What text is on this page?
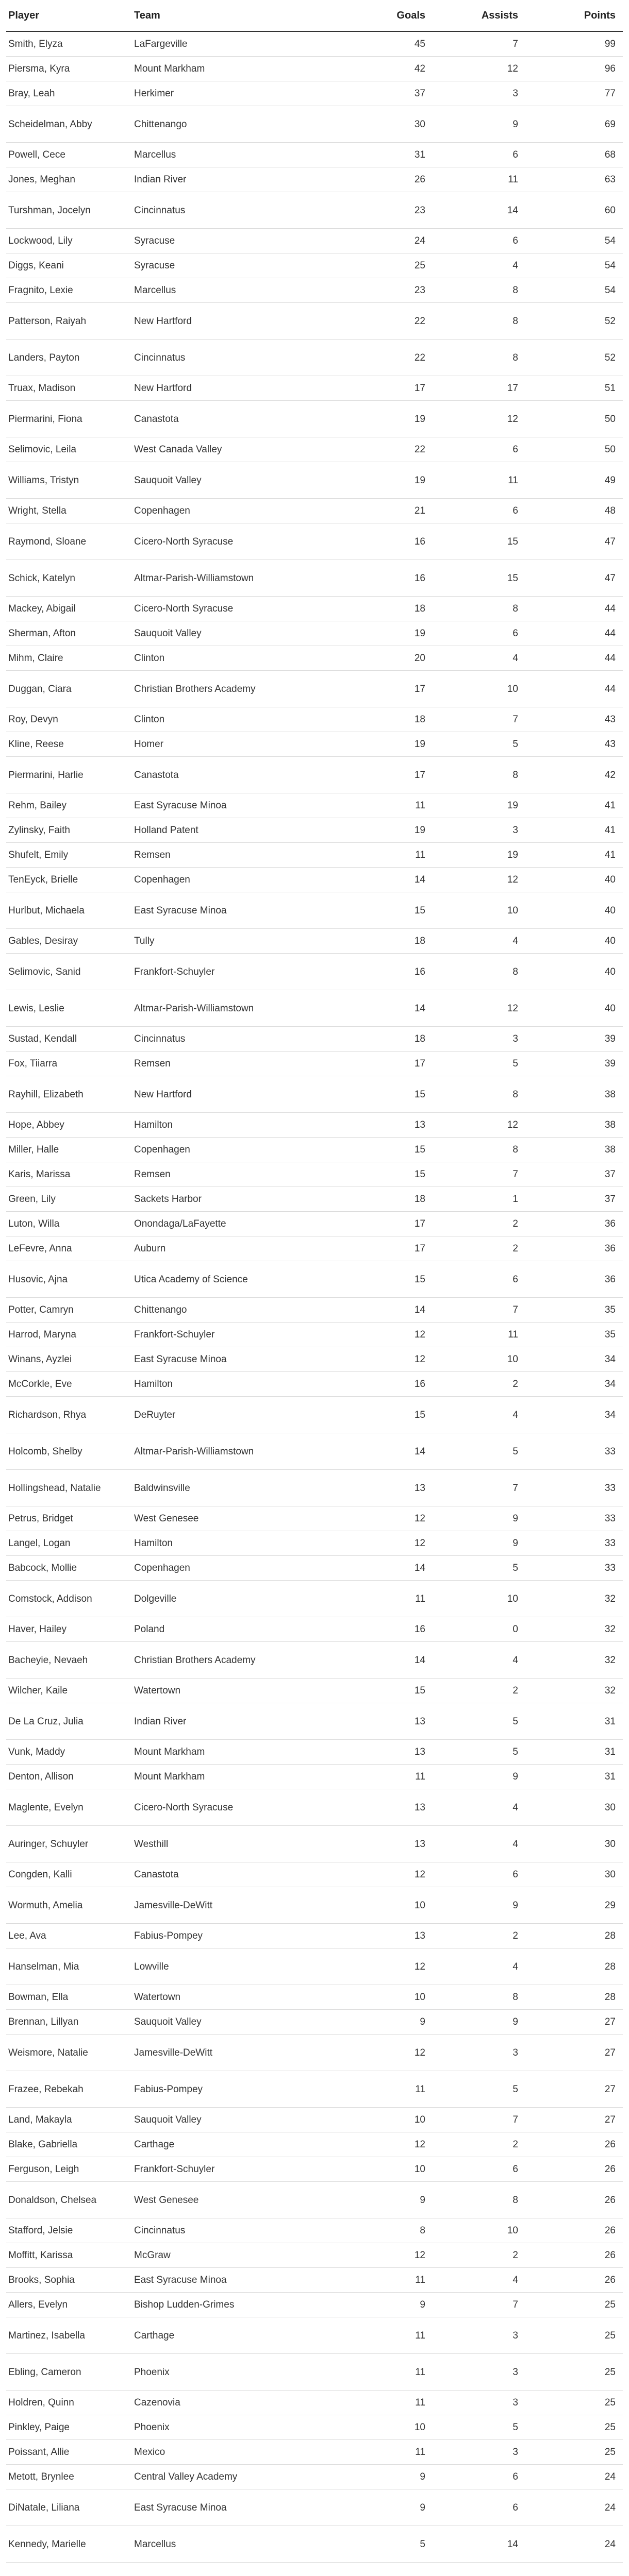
Player	Team	Goals	Assists	Points
Smith, Elyza	LaFargeville	45	7	99
Piersma, Kyra	Mount Markham	42	12	96
Bray, Leah	Herkimer	37	3	77
Scheidelman, Abby	Chittenango	30	9	69
Powell, Cece	Marcellus	31	6	68
Jones, Meghan	Indian River	26	11	63
Turshman, Jocelyn	Cincinnatus	23	14	60
Lockwood, Lily	Syracuse	24	6	54
Diggs, Keani	Syracuse	25	4	54
Fragnito, Lexie	Marcellus	23	8	54
Patterson, Raiyah	New Hartford	22	8	52
Landers, Payton	Cincinnatus	22	8	52
Truax, Madison	New Hartford	17	17	51
Piermarini, Fiona	Canastota	19	12	50
Selimovic, Leila	West Canada Valley	22	6	50
Williams, Tristyn	Sauquoit Valley	19	11	49
Wright, Stella	Copenhagen	21	6	48
Raymond, Sloane	Cicero-North Syracuse	16	15	47
Schick, Katelyn	Altmar-Parish-Williamstown	16	15	47
Mackey, Abigail	Cicero-North Syracuse	18	8	44
Sherman, Afton	Sauquoit Valley	19	6	44
Mihm, Claire	Clinton	20	4	44
Duggan, Ciara	Christian Brothers Academy	17	10	44
Roy, Devyn	Clinton	18	7	43
Kline, Reese	Homer	19	5	43
Piermarini, Harlie	Canastota	17	8	42
Rehm, Bailey	East Syracuse Minoa	11	19	41
Zylinsky, Faith	Holland Patent	19	3	41
Shufelt, Emily	Remsen	11	19	41
TenEyck, Brielle	Copenhagen	14	12	40
Hurlbut, Michaela	East Syracuse Minoa	15	10	40
Gables, Desiray	Tully	18	4	40
Selimovic, Sanid	Frankfort-Schuyler	16	8	40
Lewis, Leslie	Altmar-Parish-Williamstown	14	12	40
Sustad, Kendall	Cincinnatus	18	3	39
Fox, Tiiarra	Remsen	17	5	39
Rayhill, Elizabeth	New Hartford	15	8	38
Hope, Abbey	Hamilton	13	12	38
Miller, Halle	Copenhagen	15	8	38
Karis, Marissa	Remsen	15	7	37
Green, Lily	Sackets Harbor	18	1	37
Luton, Willa	Onondaga/LaFayette	17	2	36
LeFevre, Anna	Auburn	17	2	36
Husovic, Ajna	Utica Academy of Science	15	6	36
Potter, Camryn	Chittenango	14	7	35
Harrod, Maryna	Frankfort-Schuyler	12	11	35
Winans, Ayzlei	East Syracuse Minoa	12	10	34
McCorkle, Eve	Hamilton	16	2	34
Richardson, Rhya	DeRuyter	15	4	34
Holcomb, Shelby	Altmar-Parish-Williamstown	14	5	33
Hollingshead, Natalie	Baldwinsville	13	7	33
Petrus, Bridget	West Genesee	12	9	33
Langel, Logan	Hamilton	12	9	33
Babcock, Mollie	Copenhagen	14	5	33
Comstock, Addison	Dolgeville	11	10	32
Haver, Hailey	Poland	16	0	32
Bacheyie, Nevaeh	Christian Brothers Academy	14	4	32
Wilcher, Kaile	Watertown	15	2	32
De La Cruz, Julia	Indian River	13	5	31
Vunk, Maddy	Mount Markham	13	5	31
Denton, Allison	Mount Markham	11	9	31
Maglente, Evelyn	Cicero-North Syracuse	13	4	30
Auringer, Schuyler	Westhill	13	4	30
Congden, Kalli	Canastota	12	6	30
Wormuth, Amelia	Jamesville-DeWitt	10	9	29
Lee, Ava	Fabius-Pompey	13	2	28
Hanselman, Mia	Lowville	12	4	28
Bowman, Ella	Watertown	10	8	28
Brennan, Lillyan	Sauquoit Valley	9	9	27
Weismore, Natalie	Jamesville-DeWitt	12	3	27
Frazee, Rebekah	Fabius-Pompey	11	5	27
Land, Makayla	Sauquoit Valley	10	7	27
Blake, Gabriella	Carthage	12	2	26
Ferguson, Leigh	Frankfort-Schuyler	10	6	26
Donaldson, Chelsea	West Genesee	9	8	26
Stafford, Jelsie	Cincinnatus	8	10	26
Moffitt, Karissa	McGraw	12	2	26
Brooks, Sophia	East Syracuse Minoa	11	4	26
Allers, Evelyn	Bishop Ludden-Grimes	9	7	25
Martinez, Isabella	Carthage	11	3	25
Ebling, Cameron	Phoenix	11	3	25
Holdren, Quinn	Cazenovia	11	3	25
Pinkley, Paige	Phoenix	10	5	25
Poissant, Allie	Mexico	11	3	25
Metott, Brynlee	Central Valley Academy	9	6	24
DiNatale, Liliana	East Syracuse Minoa	9	6	24
Kennedy, Marielle	Marcellus	5	14	24
